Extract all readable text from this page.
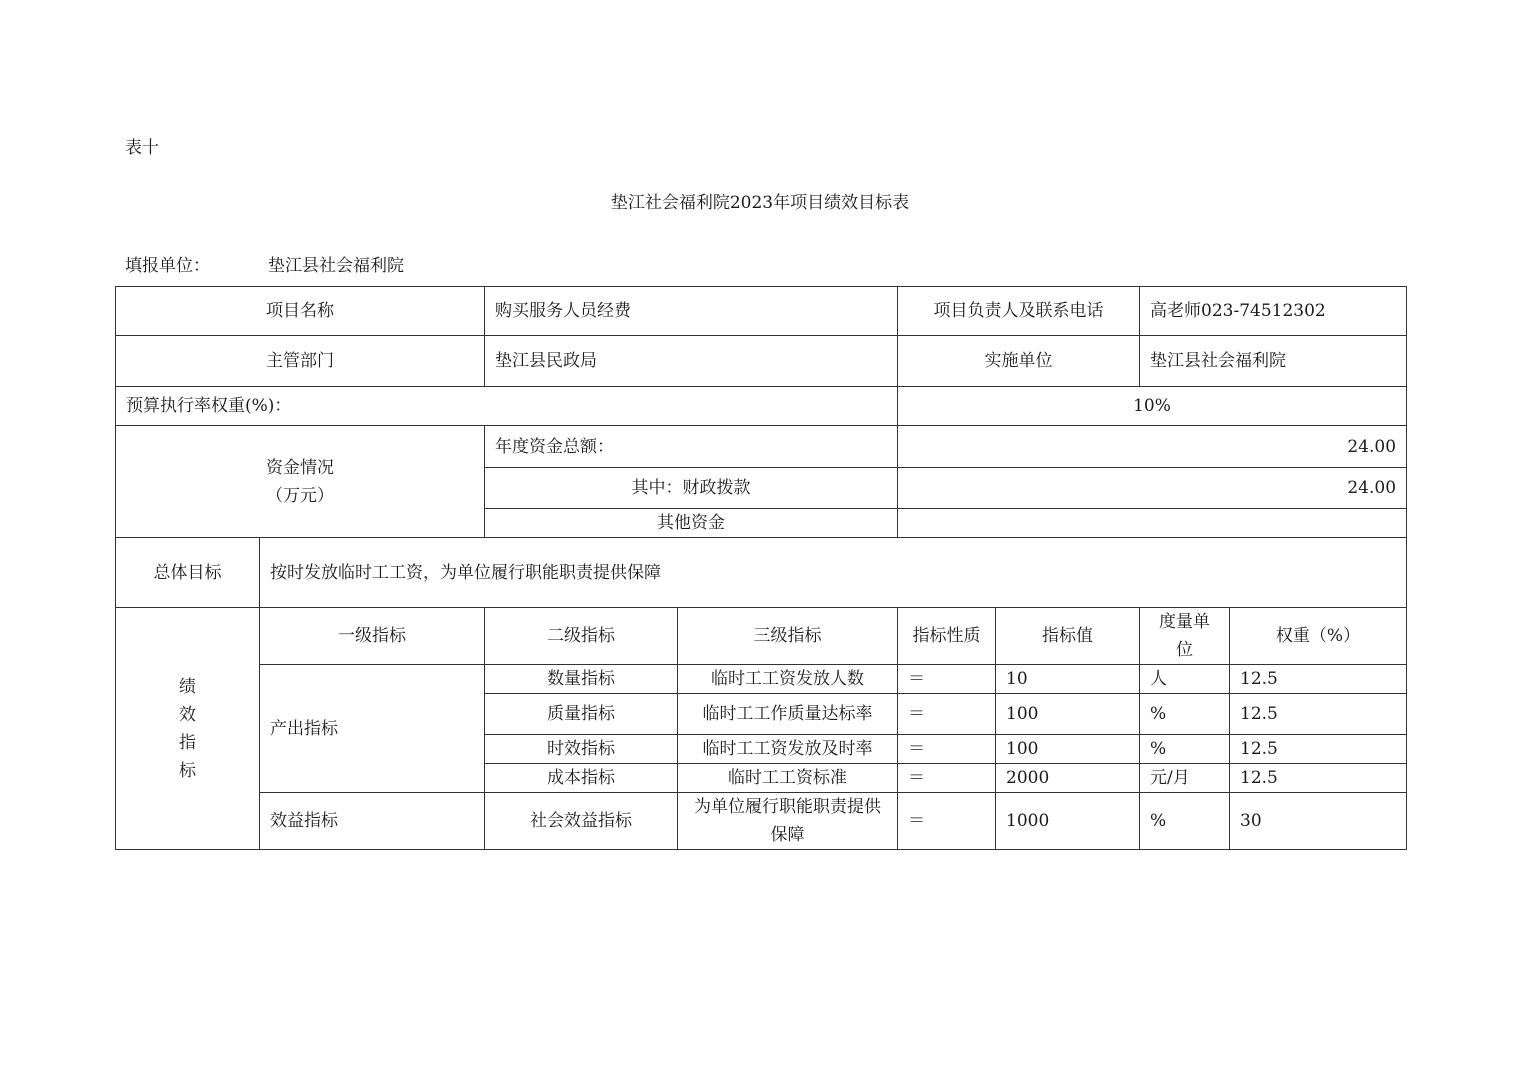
表十
垫江社会福利院2023年项目绩效目标表
填报单位：	垫江县社会福利院
项目名称		购买服务人员经费		项目负责人及联系电话		高老师023-74512302	
主管部门		垫江县民政局		实施单位		垫江县社会福利院	
预算执行率权重(%)：				10%			

资金情况
（万元）		年度资金总额：		24.00			
		其中：财政拨款		24.00			
		其他资金					
总体目标	按时发放临时工工资，为单位履行职能职责提供保障						

绩
效
指
标	一级指标	二级指标	三级指标	指标性质	指标值	度量单位	权重（%）
	产出指标	数量指标	临时工工资发放人数	＝	10	人	12.5
		质量指标	临时工工作质量达标率	＝	100	%	12.5
		时效指标	临时工工资发放及时率	＝	100	%	12.5
		成本指标	临时工工资标准	＝	2000	元/月	12.5
	效益指标	社会效益指标	为单位履行职能职责提供保障	＝	1000	%	30
